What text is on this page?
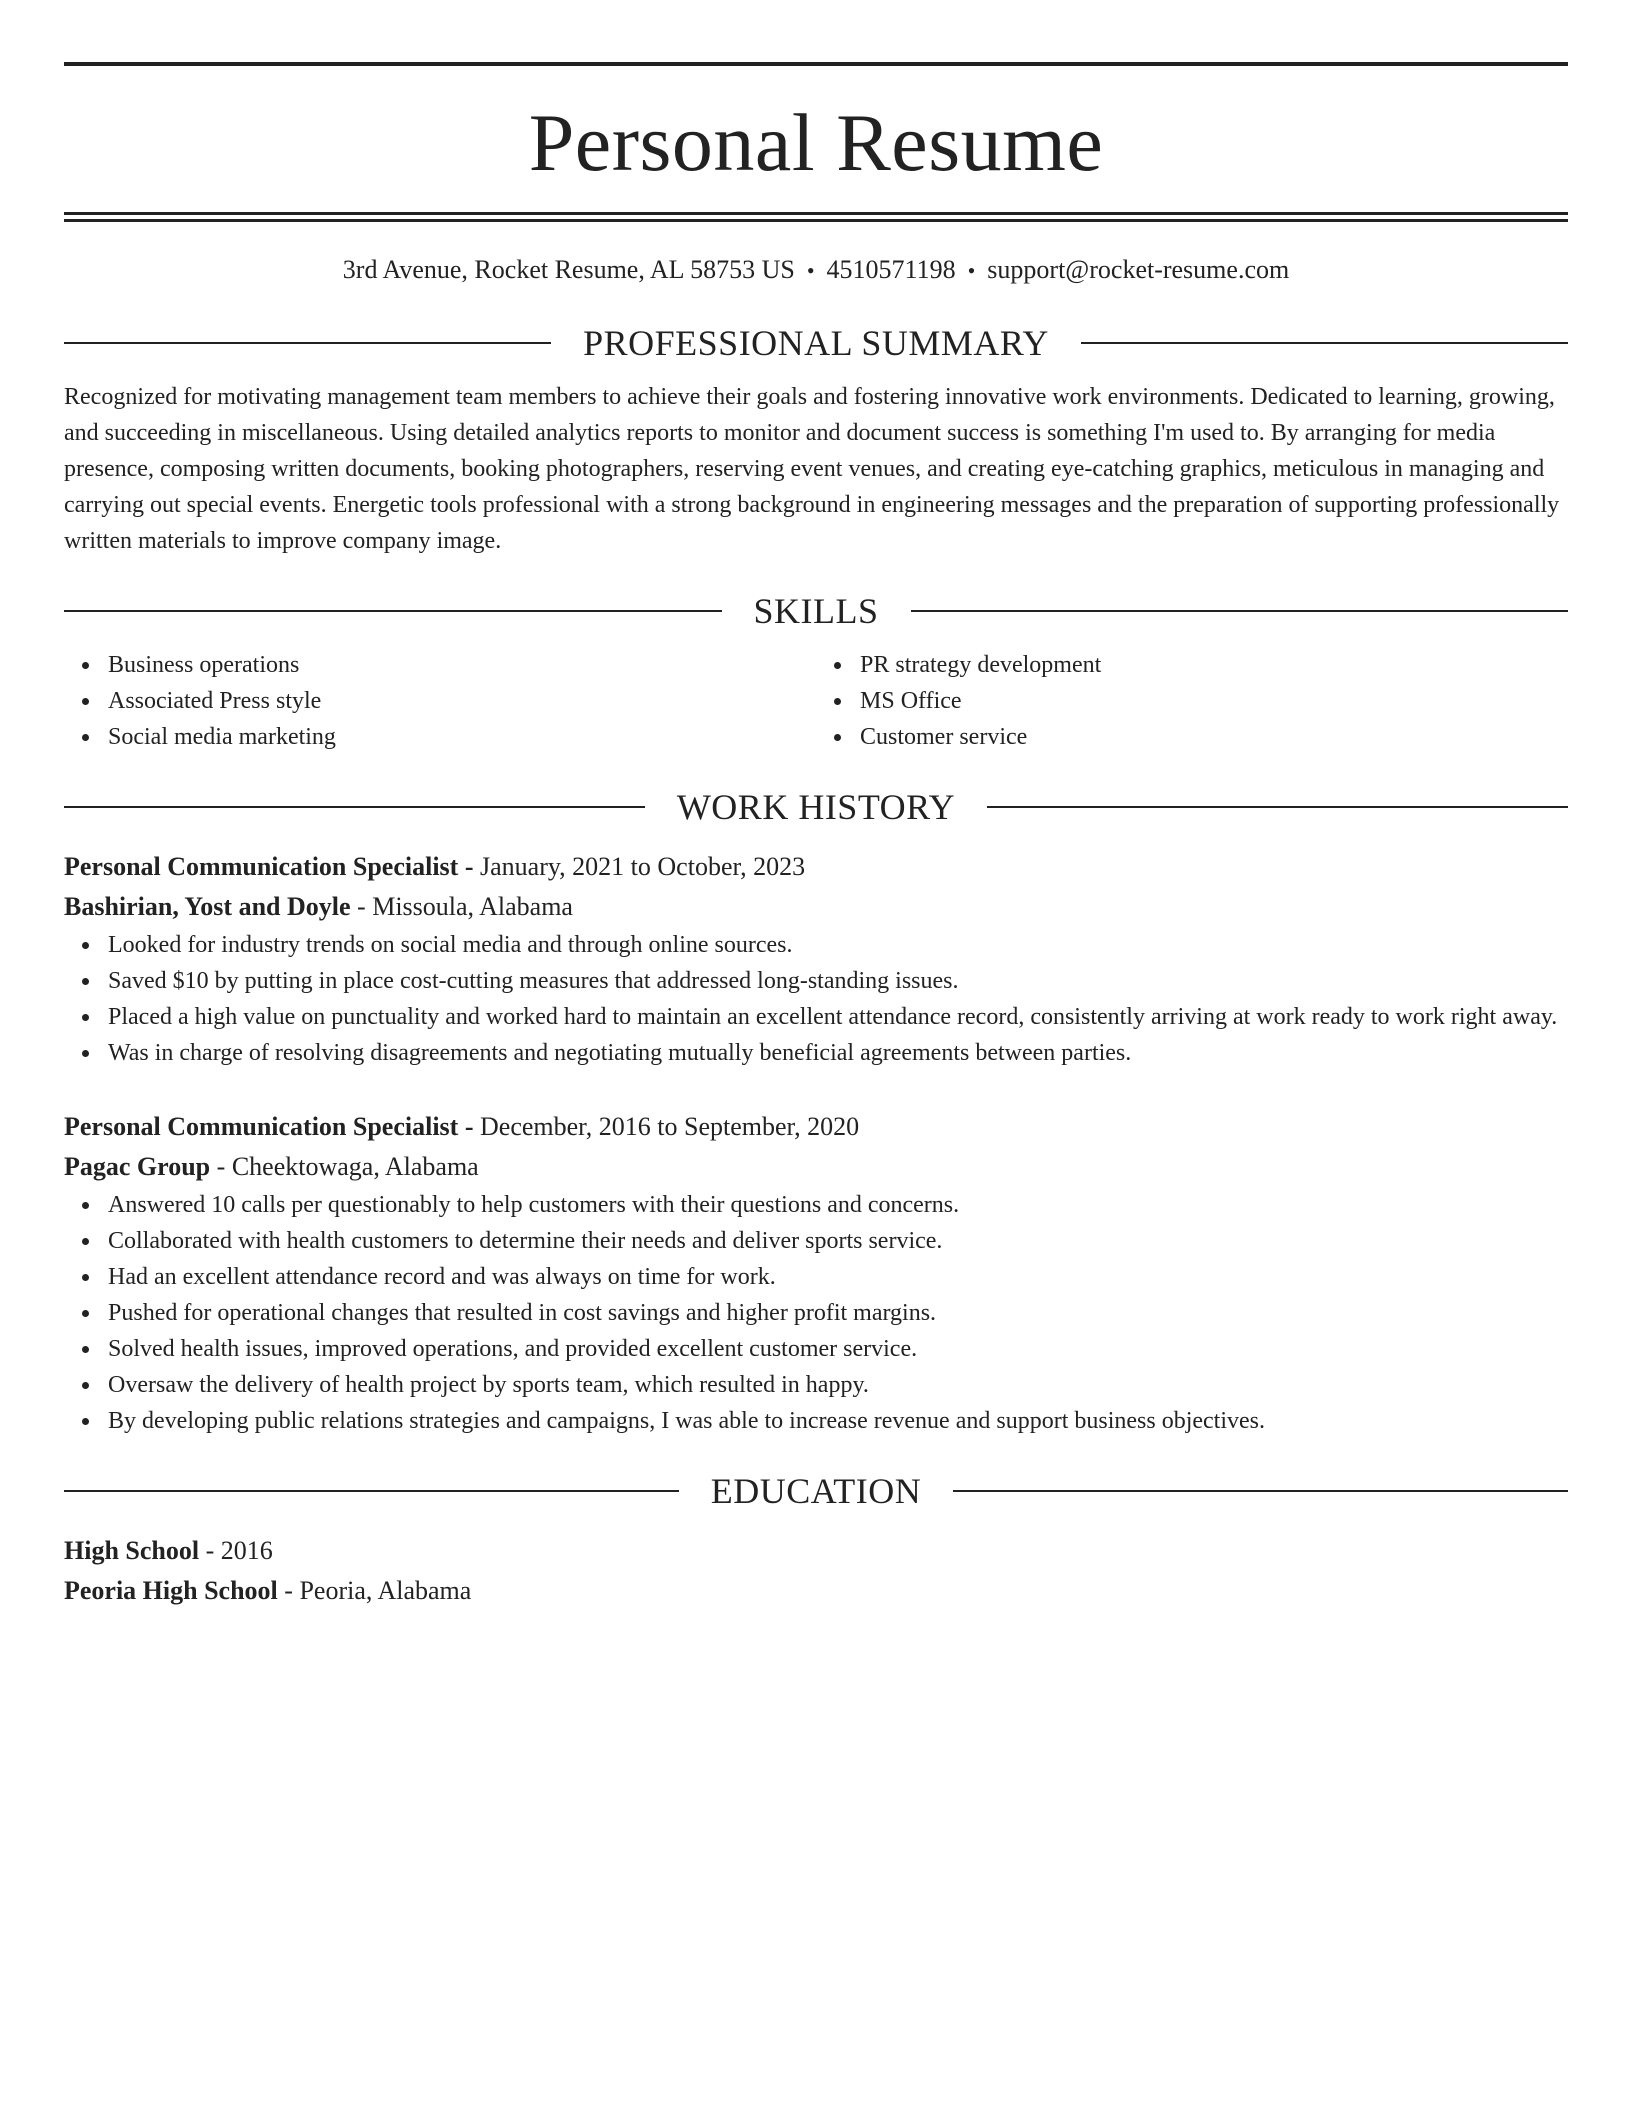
Personal Resume
3rd Avenue, Rocket Resume, AL 58753 US • 4510571198 • support@rocket-resume.com
PROFESSIONAL SUMMARY

Recognized for motivating management team members to achieve their goals and fostering innovative work environments. Dedicated to learning, growing, and succeeding in miscellaneous. Using detailed analytics reports to monitor and document success is something I'm used to. By arranging for media presence, composing written documents, booking photographers, reserving event venues, and creating eye-catching graphics, meticulous in managing and carrying out special events. Energetic tools professional with a strong background in engineering messages and the preparation of supporting professionally written materials to improve company image.

SKILLS
Business operations
Associated Press style
Social media marketing
PR strategy development
MS Office
Customer service
WORK HISTORY
Personal Communication Specialist - January, 2021 to October, 2023
Bashirian, Yost and Doyle - Missoula, Alabama
Looked for industry trends on social media and through online sources.
Saved $10 by putting in place cost-cutting measures that addressed long-standing issues.
Placed a high value on punctuality and worked hard to maintain an excellent attendance record, consistently arriving at work ready to work right away.
Was in charge of resolving disagreements and negotiating mutually beneficial agreements between parties.
Personal Communication Specialist - December, 2016 to September, 2020
Pagac Group - Cheektowaga, Alabama
Answered 10 calls per questionably to help customers with their questions and concerns.
Collaborated with health customers to determine their needs and deliver sports service.
Had an excellent attendance record and was always on time for work.
Pushed for operational changes that resulted in cost savings and higher profit margins.
Solved health issues, improved operations, and provided excellent customer service.
Oversaw the delivery of health project by sports team, which resulted in happy.
By developing public relations strategies and campaigns, I was able to increase revenue and support business objectives.
EDUCATION
High School - 2016
Peoria High School - Peoria, Alabama
